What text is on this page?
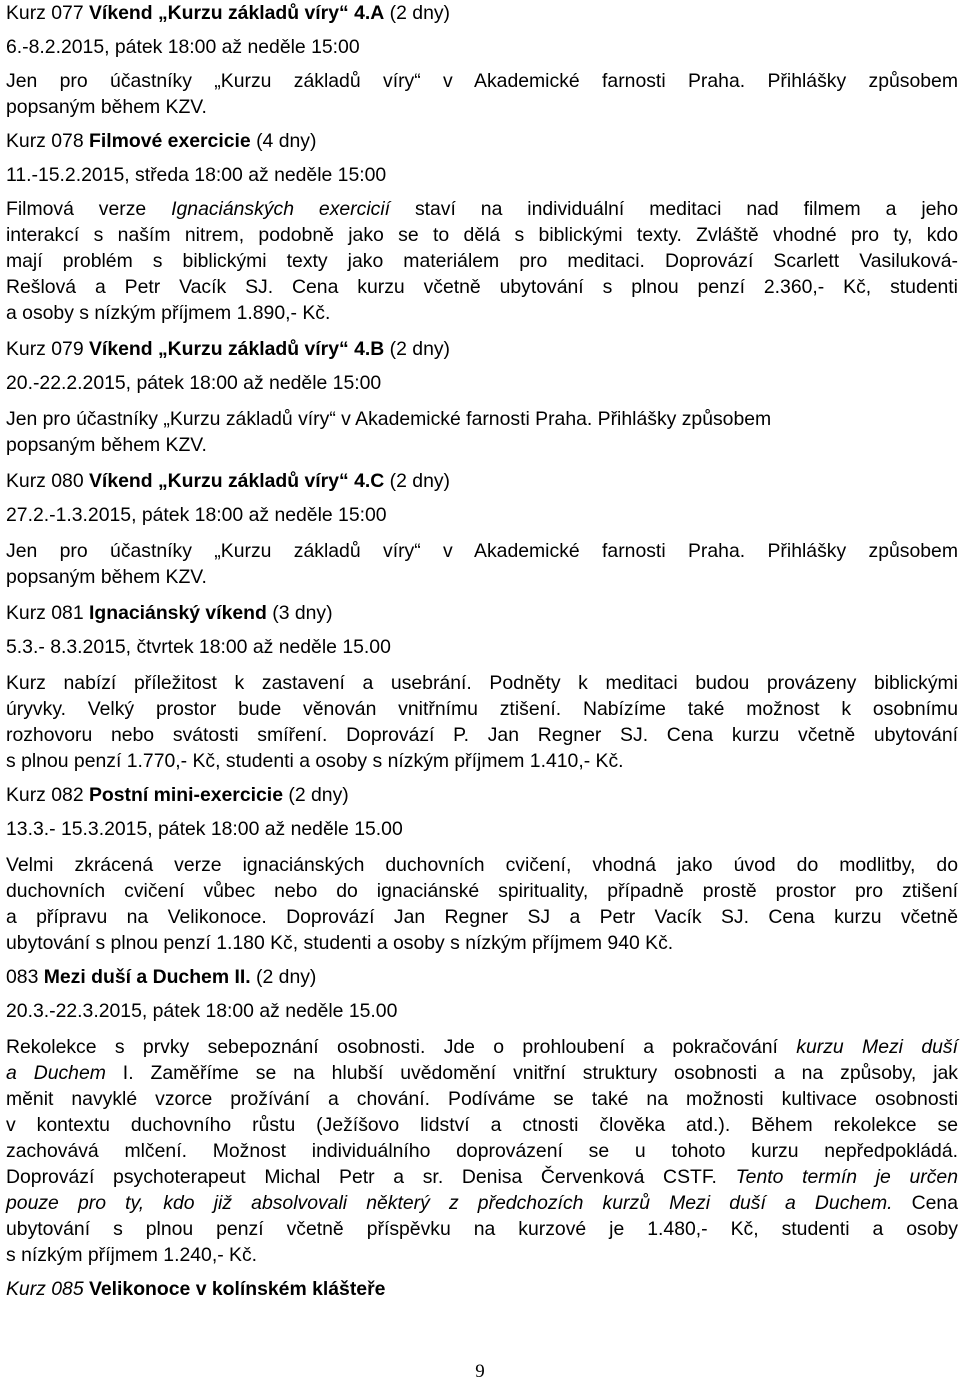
Kurz 077 Víkend „Kurzu základů víry“ 4.A (2 dny)
6.-8.2.2015, pátek 18:00 až neděle 15:00
Jen pro účastníky „Kurzu základů víry“ v Akademické farnosti Praha. Přihlášky způsobem
popsaným během KZV.
Kurz 078 Filmové exercicie (4 dny)
11.-15.2.2015, středa 18:00 až neděle 15:00
Filmová verze Ignaciánských exercicií staví na individuální meditaci nad filmem a jeho
interakcí s naším nitrem, podobně jako se to dělá s biblickými texty. Zvláště vhodné pro ty, kdo
mají problém s biblickými texty jako materiálem pro meditaci. Doprovází Scarlett Vasiluková-
Rešlová a Petr Vacík SJ. Cena kurzu včetně ubytování s plnou penzí 2.360,- Kč, studenti
a osoby s nízkým příjmem 1.890,- Kč.
Kurz 079 Víkend „Kurzu základů víry“ 4.B (2 dny)
20.-22.2.2015, pátek 18:00 až neděle 15:00
Jen pro účastníky „Kurzu základů víry“ v Akademické farnosti Praha. Přihlášky způsobem
popsaným během KZV.
Kurz 080 Víkend „Kurzu základů víry“ 4.C (2 dny)
27.2.-1.3.2015, pátek 18:00 až neděle 15:00
Jen pro účastníky „Kurzu základů víry“ v Akademické farnosti Praha. Přihlášky způsobem
popsaným během KZV.
Kurz 081 Ignaciánský víkend (3 dny)
5.3.- 8.3.2015, čtvrtek 18:00 až neděle 15.00
Kurz nabízí příležitost k zastavení a usebrání. Podněty k meditaci budou provázeny biblickými
úryvky. Velký prostor bude věnován vnitřnímu ztišení. Nabízíme také možnost k osobnímu
rozhovoru nebo svátosti smíření. Doprovází P. Jan Regner SJ. Cena kurzu včetně ubytování
s plnou penzí 1.770,- Kč, studenti a osoby s nízkým příjmem 1.410,- Kč.
Kurz 082 Postní mini-exercicie (2 dny)
13.3.- 15.3.2015, pátek 18:00 až neděle 15.00
Velmi zkrácená verze ignaciánských duchovních cvičení, vhodná jako úvod do modlitby, do
duchovních cvičení vůbec nebo do ignaciánské spirituality, případně prostě prostor pro ztišení
a přípravu na Velikonoce. Doprovází Jan Regner SJ a Petr Vacík SJ. Cena kurzu včetně
ubytování s plnou penzí 1.180 Kč, studenti a osoby s nízkým příjmem 940 Kč.
083 Mezi duší a Duchem II. (2 dny)
20.3.-22.3.2015, pátek 18:00 až neděle 15.00
Rekolekce s prvky sebepoznání osobnosti. Jde o prohloubení a pokračování kurzu Mezi duší
a Duchem I. Zaměříme se na hlubší uvědomění vnitřní struktury osobnosti a na způsoby, jak
měnit navyklé vzorce prožívání a chování. Podíváme se také na možnosti kultivace osobnosti
v kontextu duchovního růstu (Ježíšovo lidství a ctnosti člověka atd.). Během rekolekce se
zachovává mlčení. Možnost individuálního doprovázení se u tohoto kurzu nepředpokládá.
Doprovází psychoterapeut Michal Petr a sr. Denisa Červenková CSTF. Tento termín je určen
pouze pro ty, kdo již absolvovali některý z předchozích kurzů Mezi duší a Duchem. Cena
ubytování s plnou penzí včetně příspěvku na kurzové je 1.480,- Kč, studenti a osoby
s nízkým příjmem 1.240,- Kč.
Kurz 085 Velikonoce v kolínském klášteře
9
